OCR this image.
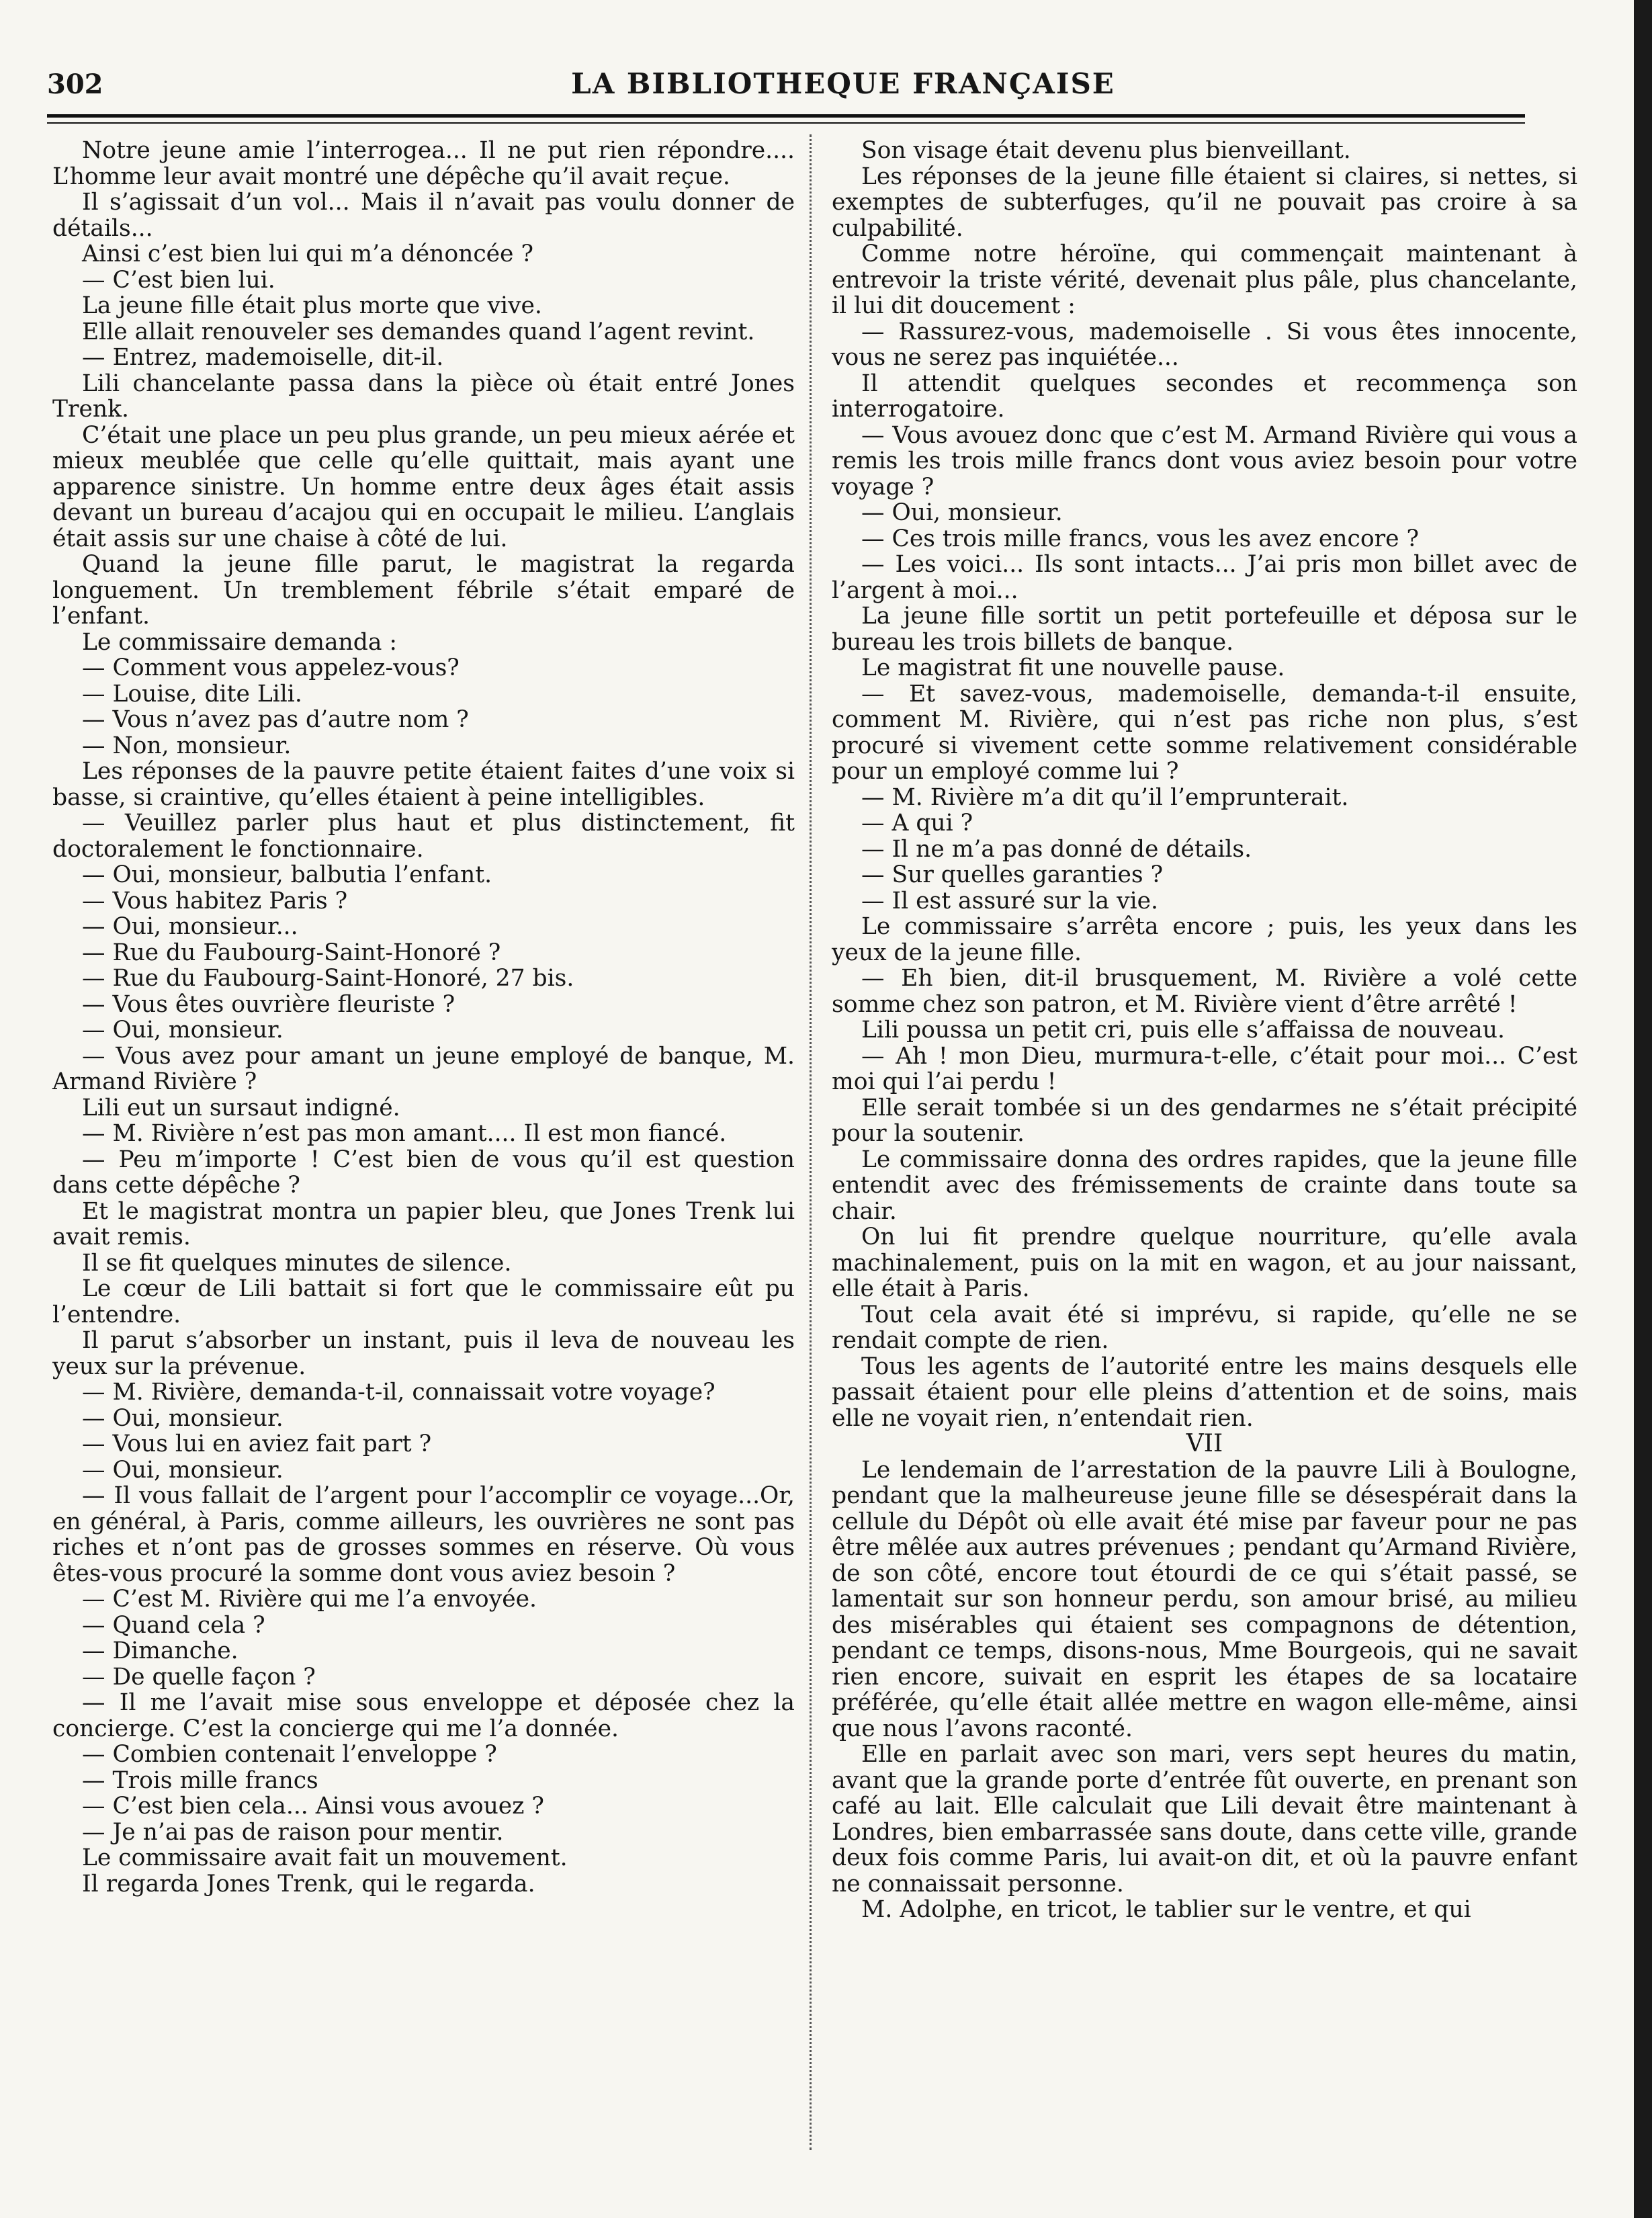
302	LA BIBLIOTHEQUE FRANÇAISE

Notre jeune amie l’interrogea... Il ne put rien répondre.... L’homme leur avait montré une dépêche qu’il avait reçue.

Il s’agissait d’un vol... Mais il n’avait pas voulu donner de détails...

Ainsi c’est bien lui qui m’a dénoncée ?

— C’est bien lui.

La jeune fille était plus morte que vive.

Elle allait renouveler ses demandes quand l’agent revint.

— Entrez, mademoiselle, dit-il.

Lili chancelante passa dans la pièce où était entré Jones Trenk.

C’était une place un peu plus grande, un peu mieux aérée et mieux meublée que celle qu’elle quittait, mais ayant une apparence sinistre. Un homme entre deux âges était assis devant un bureau d’acajou qui en occupait le milieu. L’anglais était assis sur une chaise à côté de lui.

Quand la jeune fille parut, le magistrat la regarda longuement. Un tremblement fébrile s’était emparé de l’enfant.

Le commissaire demanda :

— Comment vous appelez-vous?

— Louise, dite Lili.

— Vous n’avez pas d’autre nom ?

— Non, monsieur.

Les réponses de la pauvre petite étaient faites d’une voix si basse, si craintive, qu’elles étaient à peine intelligibles.

— Veuillez parler plus haut et plus distinctement, fit doctoralement le fonctionnaire.

— Oui, monsieur, balbutia l’enfant.

— Vous habitez Paris ?

— Oui, monsieur...

— Rue du Faubourg-Saint-Honoré ?

— Rue du Faubourg-Saint-Honoré, 27 bis.

— Vous êtes ouvrière fleuriste ?

— Oui, monsieur.

— Vous avez pour amant un jeune employé de banque, M. Armand Rivière ?

Lili eut un sursaut indigné.

— M. Rivière n’est pas mon amant.... Il est mon fiancé.

— Peu m’importe ! C’est bien de vous qu’il est question dans cette dépêche ?

Et le magistrat montra un papier bleu, que Jones Trenk lui avait remis.

Il se fit quelques minutes de silence.

Le cœur de Lili battait si fort que le commissaire eût pu l’entendre.

Il parut s’absorber un instant, puis il leva de nouveau les yeux sur la prévenue.

— M. Rivière, demanda-t-il, connaissait votre voyage?

— Oui, monsieur.

— Vous lui en aviez fait part ?

— Oui, monsieur.

— Il vous fallait de l’argent pour l’accomplir ce voyage...Or, en général, à Paris, comme ailleurs, les ouvrières ne sont pas riches et n’ont pas de grosses sommes en réserve. Où vous êtes-vous procuré la somme dont vous aviez besoin ?

— C’est M. Rivière qui me l’a envoyée.

— Quand cela ?

— Dimanche.

— De quelle façon ?

— Il me l’avait mise sous enveloppe et déposée chez la concierge. C’est la concierge qui me l’a donnée.

— Combien contenait l’enveloppe ?

— Trois mille francs

— C’est bien cela... Ainsi vous avouez ?

— Je n’ai pas de raison pour mentir.

Le commissaire avait fait un mouvement.

Il regarda Jones Trenk, qui le regarda.

Son visage était devenu plus bienveillant.

Les réponses de la jeune fille étaient si claires, si nettes, si exemptes de subterfuges, qu’il ne pouvait pas croire à sa culpabilité.

Comme notre héroïne, qui commençait maintenant à entrevoir la triste vérité, devenait plus pâle, plus chancelante, il lui dit doucement :

— Rassurez-vous, mademoiselle . Si vous êtes innocente, vous ne serez pas inquiétée...

Il attendit quelques secondes et recommença son interrogatoire.

— Vous avouez donc que c’est M. Armand Rivière qui vous a remis les trois mille francs dont vous aviez besoin pour votre voyage ?

— Oui, monsieur.

— Ces trois mille francs, vous les avez encore ?

— Les voici... Ils sont intacts... J’ai pris mon billet avec de l’argent à moi...

La jeune fille sortit un petit portefeuille et déposa sur le bureau les trois billets de banque.

Le magistrat fit une nouvelle pause.

— Et savez-vous, mademoiselle, demanda-t-il ensuite, comment M. Rivière, qui n’est pas riche non plus, s’est procuré si vivement cette somme relativement considérable pour un employé comme lui ?

— M. Rivière m’a dit qu’il l’emprunterait.

— A qui ?

— Il ne m’a pas donné de détails.

— Sur quelles garanties ?

— Il est assuré sur la vie.

Le commissaire s’arrêta encore ; puis, les yeux dans les yeux de la jeune fille.

— Eh bien, dit-il brusquement, M. Rivière a volé cette somme chez son patron, et M. Rivière vient d’être arrêté !

Lili poussa un petit cri, puis elle s’affaissa de nouveau.

— Ah ! mon Dieu, murmura-t-elle, c’était pour moi... C’est moi qui l’ai perdu !

Elle serait tombée si un des gendarmes ne s’était précipité pour la soutenir.

Le commissaire donna des ordres rapides, que la jeune fille entendit avec des frémissements de crainte dans toute sa chair.

On lui fit prendre quelque nourriture, qu’elle avala machinalement, puis on la mit en wagon, et au jour naissant, elle était à Paris.

Tout cela avait été si imprévu, si rapide, qu’elle ne se rendait compte de rien.

Tous les agents de l’autorité entre les mains desquels elle passait étaient pour elle pleins d’attention et de soins, mais elle ne voyait rien, n’entendait rien.

VII

Le lendemain de l’arrestation de la pauvre Lili à Boulogne, pendant que la malheureuse jeune fille se désespérait dans la cellule du Dépôt où elle avait été mise par faveur pour ne pas être mêlée aux autres prévenues ; pendant qu’Armand Rivière, de son côté, encore tout étourdi de ce qui s’était passé, se lamentait sur son honneur perdu, son amour brisé, au milieu des misérables qui étaient ses compagnons de détention, pendant ce temps, disons-nous, Mme Bourgeois, qui ne savait rien encore, suivait en esprit les étapes de sa locataire préférée, qu’elle était allée mettre en wagon elle-même, ainsi que nous l’avons raconté.

Elle en parlait avec son mari, vers sept heures du matin, avant que la grande porte d’entrée fût ouverte, en prenant son café au lait. Elle calculait que Lili devait être maintenant à Londres, bien embarrassée sans doute, dans cette ville, grande deux fois comme Paris, lui avait-on dit, et où la pauvre enfant ne connaissait personne.

M. Adolphe, en tricot, le tablier sur le ventre, et qui
